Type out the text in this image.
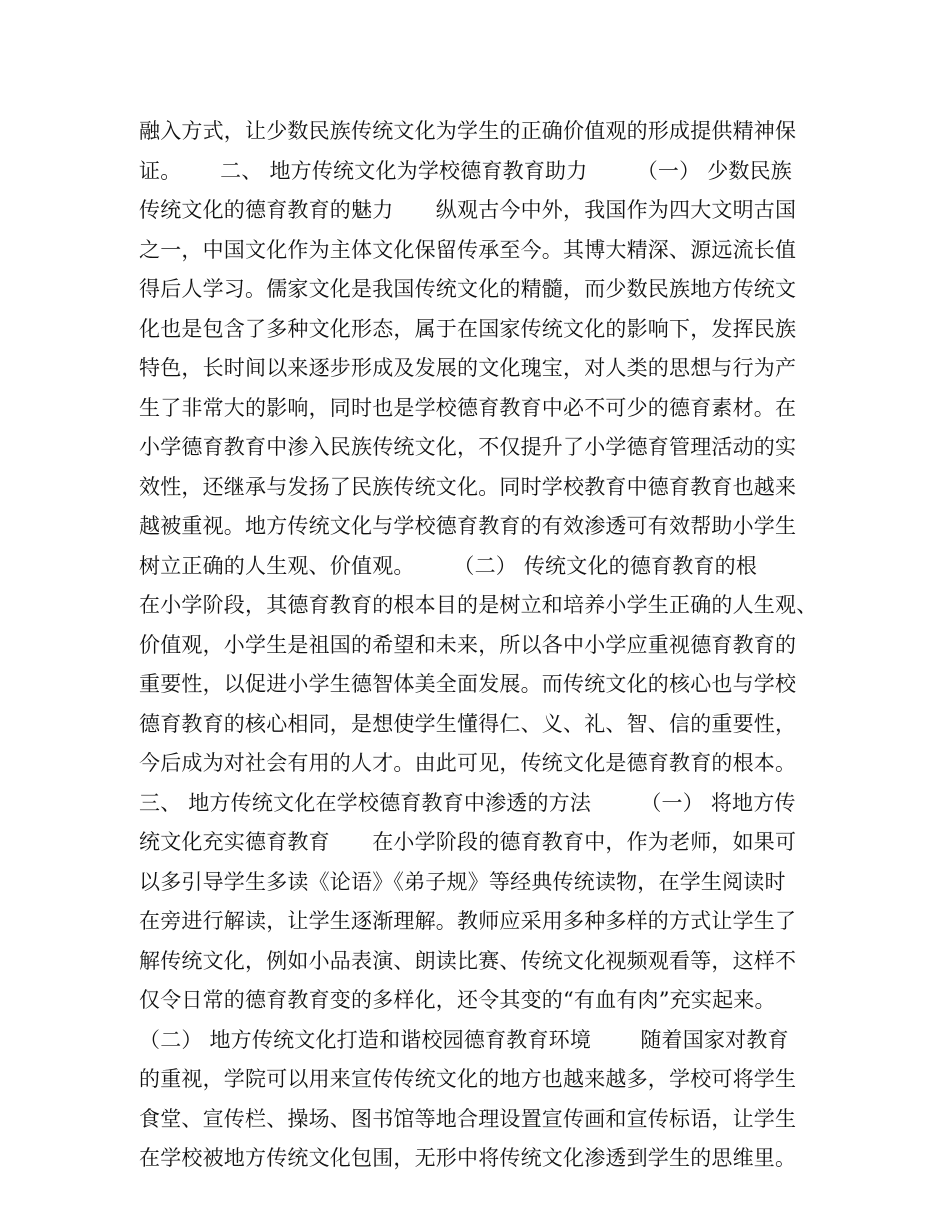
融入方式，让少数民族传统文化为学生的正确价值观的形成提供精神保
证。　　 二、 地方传统文化为学校德育教育助力　　 （一） 少数民族
传统文化的德育教育的魅力　　纵观古今中外，我国作为四大文明古国
之一，中国文化作为主体文化保留传承至今。其博大精深、源远流长值
得后人学习。儒家文化是我国传统文化的精髓，而少数民族地方传统文
化也是包含了多种文化形态，属于在国家传统文化的影响下，发挥民族
特色，长时间以来逐步形成及发展的文化瑰宝，对人类的思想与行为产
生了非常大的影响，同时也是学校德育教育中必不可少的德育素材。在
小学德育教育中渗入民族传统文化，不仅提升了小学德育管理活动的实
效性，还继承与发扬了民族传统文化。同时学校教育中德育教育也越来
越被重视。地方传统文化与学校德育教育的有效渗透可有效帮助小学生
树立正确的人生观、价值观。　　 （二） 传统文化的德育教育的根
在小学阶段，其德育教育的根本目的是树立和培养小学生正确的人生观、
价值观，小学生是祖国的希望和未来，所以各中小学应重视德育教育的
重要性，以促进小学生德智体美全面发展。而传统文化的核心也与学校
德育教育的核心相同，是想使学生懂得仁、义、礼、智、信的重要性，
今后成为对社会有用的人才。由此可见，传统文化是德育教育的根本。
三、 地方传统文化在学校德育教育中渗透的方法　　 （一） 将地方传
统文化充实德育教育　　在小学阶段的德育教育中，作为老师，如果可
以多引导学生多读《论语》《弟子规》等经典传统读物，在学生阅读时
在旁进行解读，让学生逐渐理解。教师应采用多种多样的方式让学生了
解传统文化，例如小品表演、朗读比赛、传统文化视频观看等，这样不
仅令日常的德育教育变的多样化，还令其变的“有血有肉”充实起来。
（二） 地方传统文化打造和谐校园德育教育环境　　 随着国家对教育
的重视，学院可以用来宣传传统文化的地方也越来越多，学校可将学生
食堂、宣传栏、操场、图书馆等地合理设置宣传画和宣传标语，让学生
在学校被地方传统文化包围，无形中将传统文化渗透到学生的思维里。
